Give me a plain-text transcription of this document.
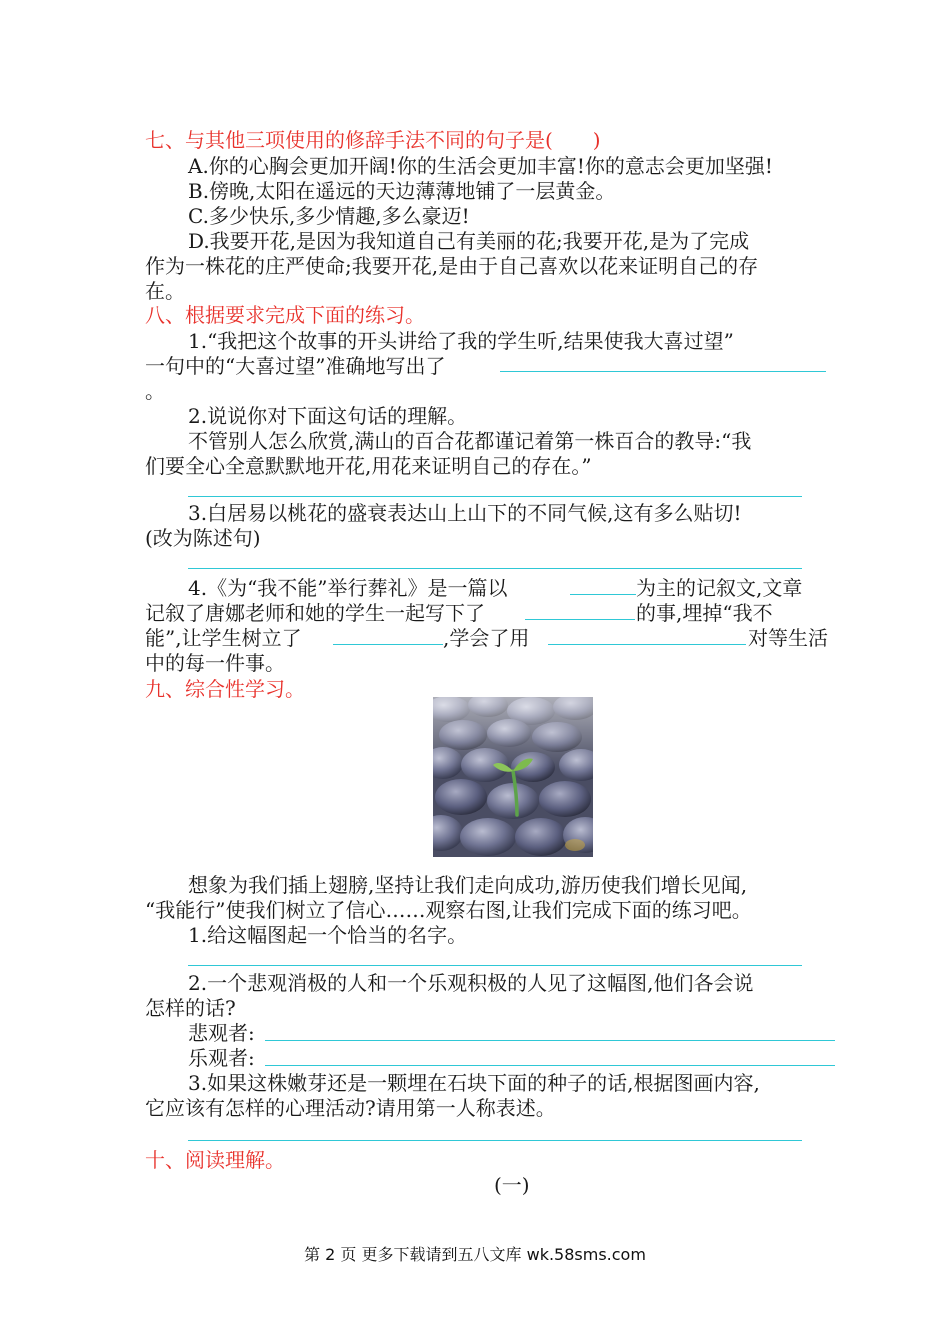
七、与其他三项使用的修辞手法不同的句子是(　　)
A.你的心胸会更加开阔!你的生活会更加丰富!你的意志会更加坚强!
B.傍晚,太阳在遥远的天边薄薄地铺了一层黄金。
C.多少快乐,多少情趣,多么豪迈!
D.我要开花,是因为我知道自己有美丽的花;我要开花,是为了完成
作为一株花的庄严使命;我要开花,是由于自己喜欢以花来证明自己的存
在。
八、根据要求完成下面的练习。
1.“我把这个故事的开头讲给了我的学生听,结果使我大喜过望”
一句中的“大喜过望”准确地写出了
。
2.说说你对下面这句话的理解。
不管别人怎么欣赏,满山的百合花都谨记着第一株百合的教导:“我
们要全心全意默默地开花,用花来证明自己的存在。”
3.白居易以桃花的盛衰表达山上山下的不同气候,这有多么贴切!
(改为陈述句)
4.《为“我不能”举行葬礼》是一篇以	为主的记叙文,文章
记叙了唐娜老师和她的学生一起写下了	的事,埋掉“我不
能”,让学生树立了	,学会了用	对等生活
中的每一件事。
九、综合性学习。
想象为我们插上翅膀,坚持让我们走向成功,游历使我们增长见闻,
“我能行”使我们树立了信心……观察右图,让我们完成下面的练习吧。
1.给这幅图起一个恰当的名字。
2.一个悲观消极的人和一个乐观积极的人见了这幅图,他们各会说
怎样的话?
悲观者:
乐观者:
3.如果这株嫩芽还是一颗埋在石块下面的种子的话,根据图画内容,
它应该有怎样的心理活动?请用第一人称表述。
十、阅读理解。
(一)
第 2 页 更多下载请到五八文库 wk.58sms.com
